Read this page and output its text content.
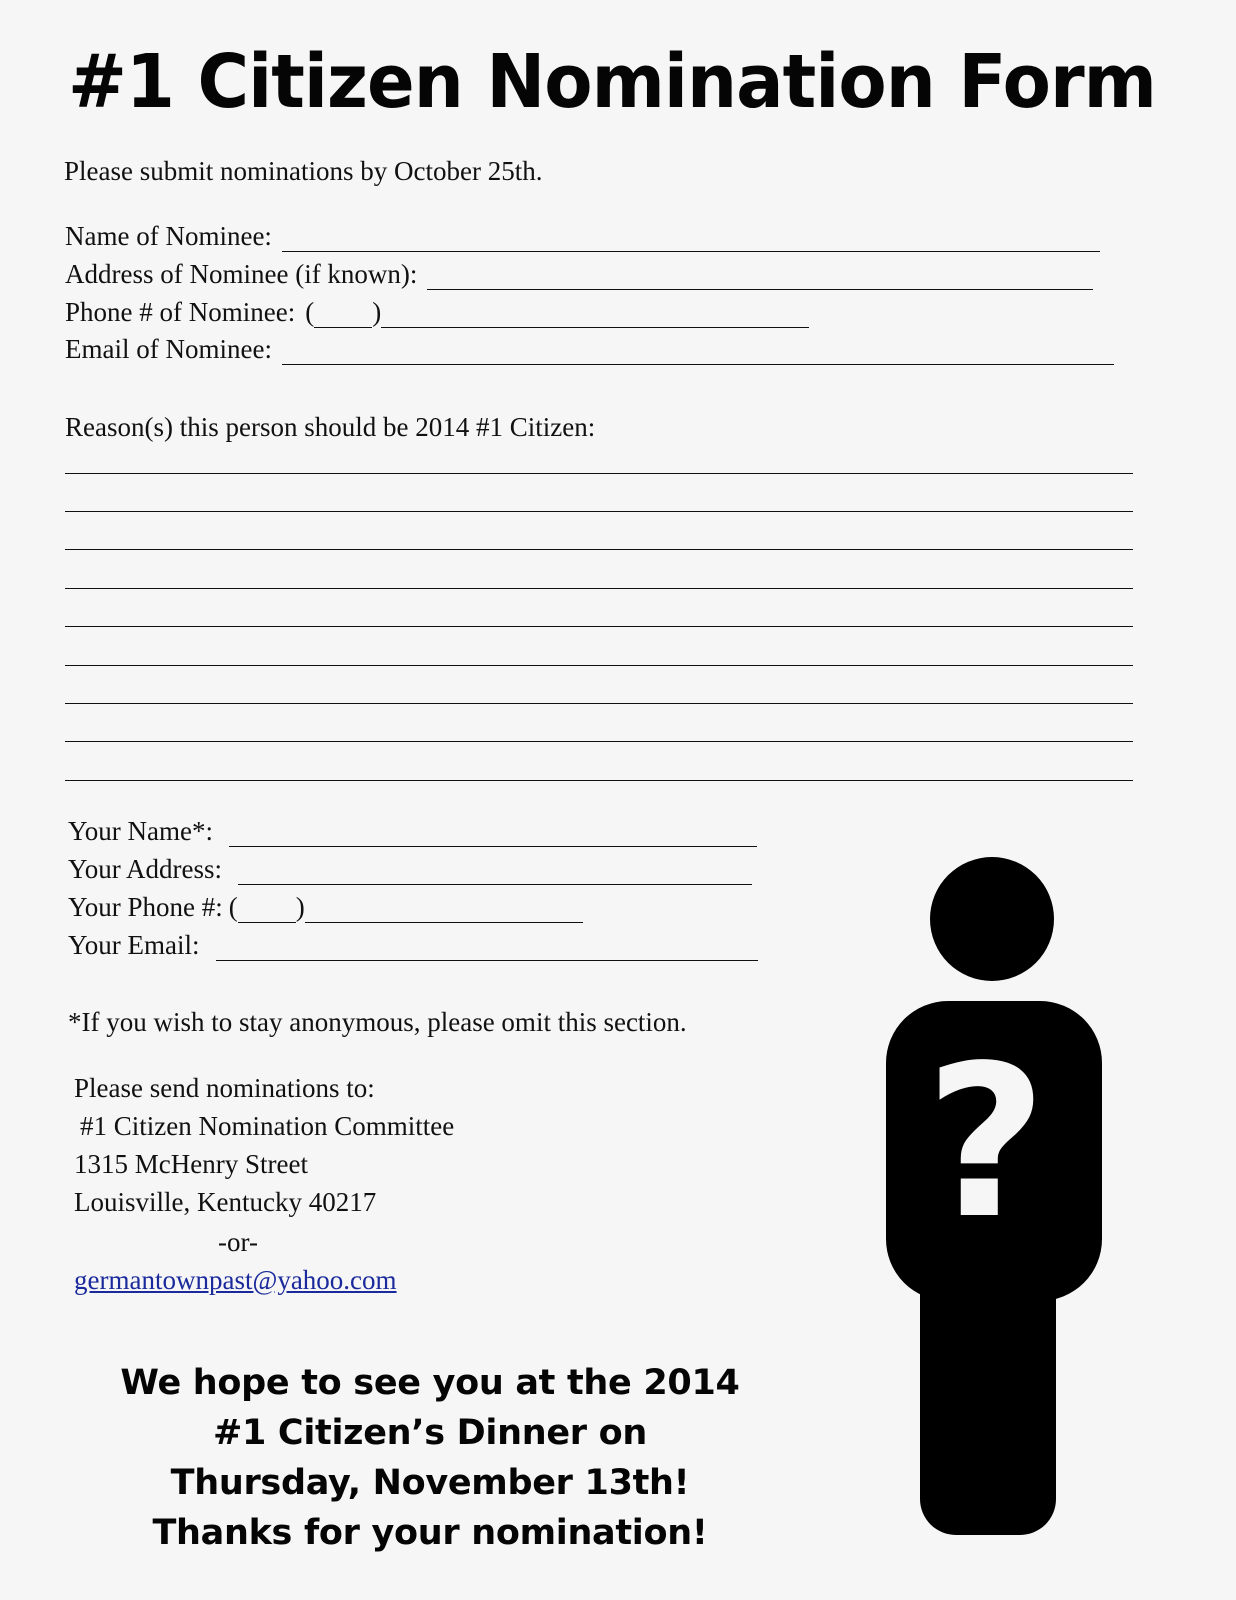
#1 Citizen Nomination Form
Please submit nominations by October 25th.
Name of Nominee:
Address of Nominee (if known):
Phone # of Nominee: ( )
Email of Nominee:
Reason(s) this person should be 2014 #1 Citizen:
Your Name*:
Your Address:
Your Phone #: ( )
Your Email:
*If you wish to stay anonymous, please omit this section.
Please send nominations to:
#1 Citizen Nomination Committee
1315 McHenry Street
Louisville, Kentucky 40217
-or-
germantownpast@yahoo.com
We hope to see you at the 2014
#1 Citizen’s Dinner on
Thursday, November 13th!
Thanks for your nomination!
?
